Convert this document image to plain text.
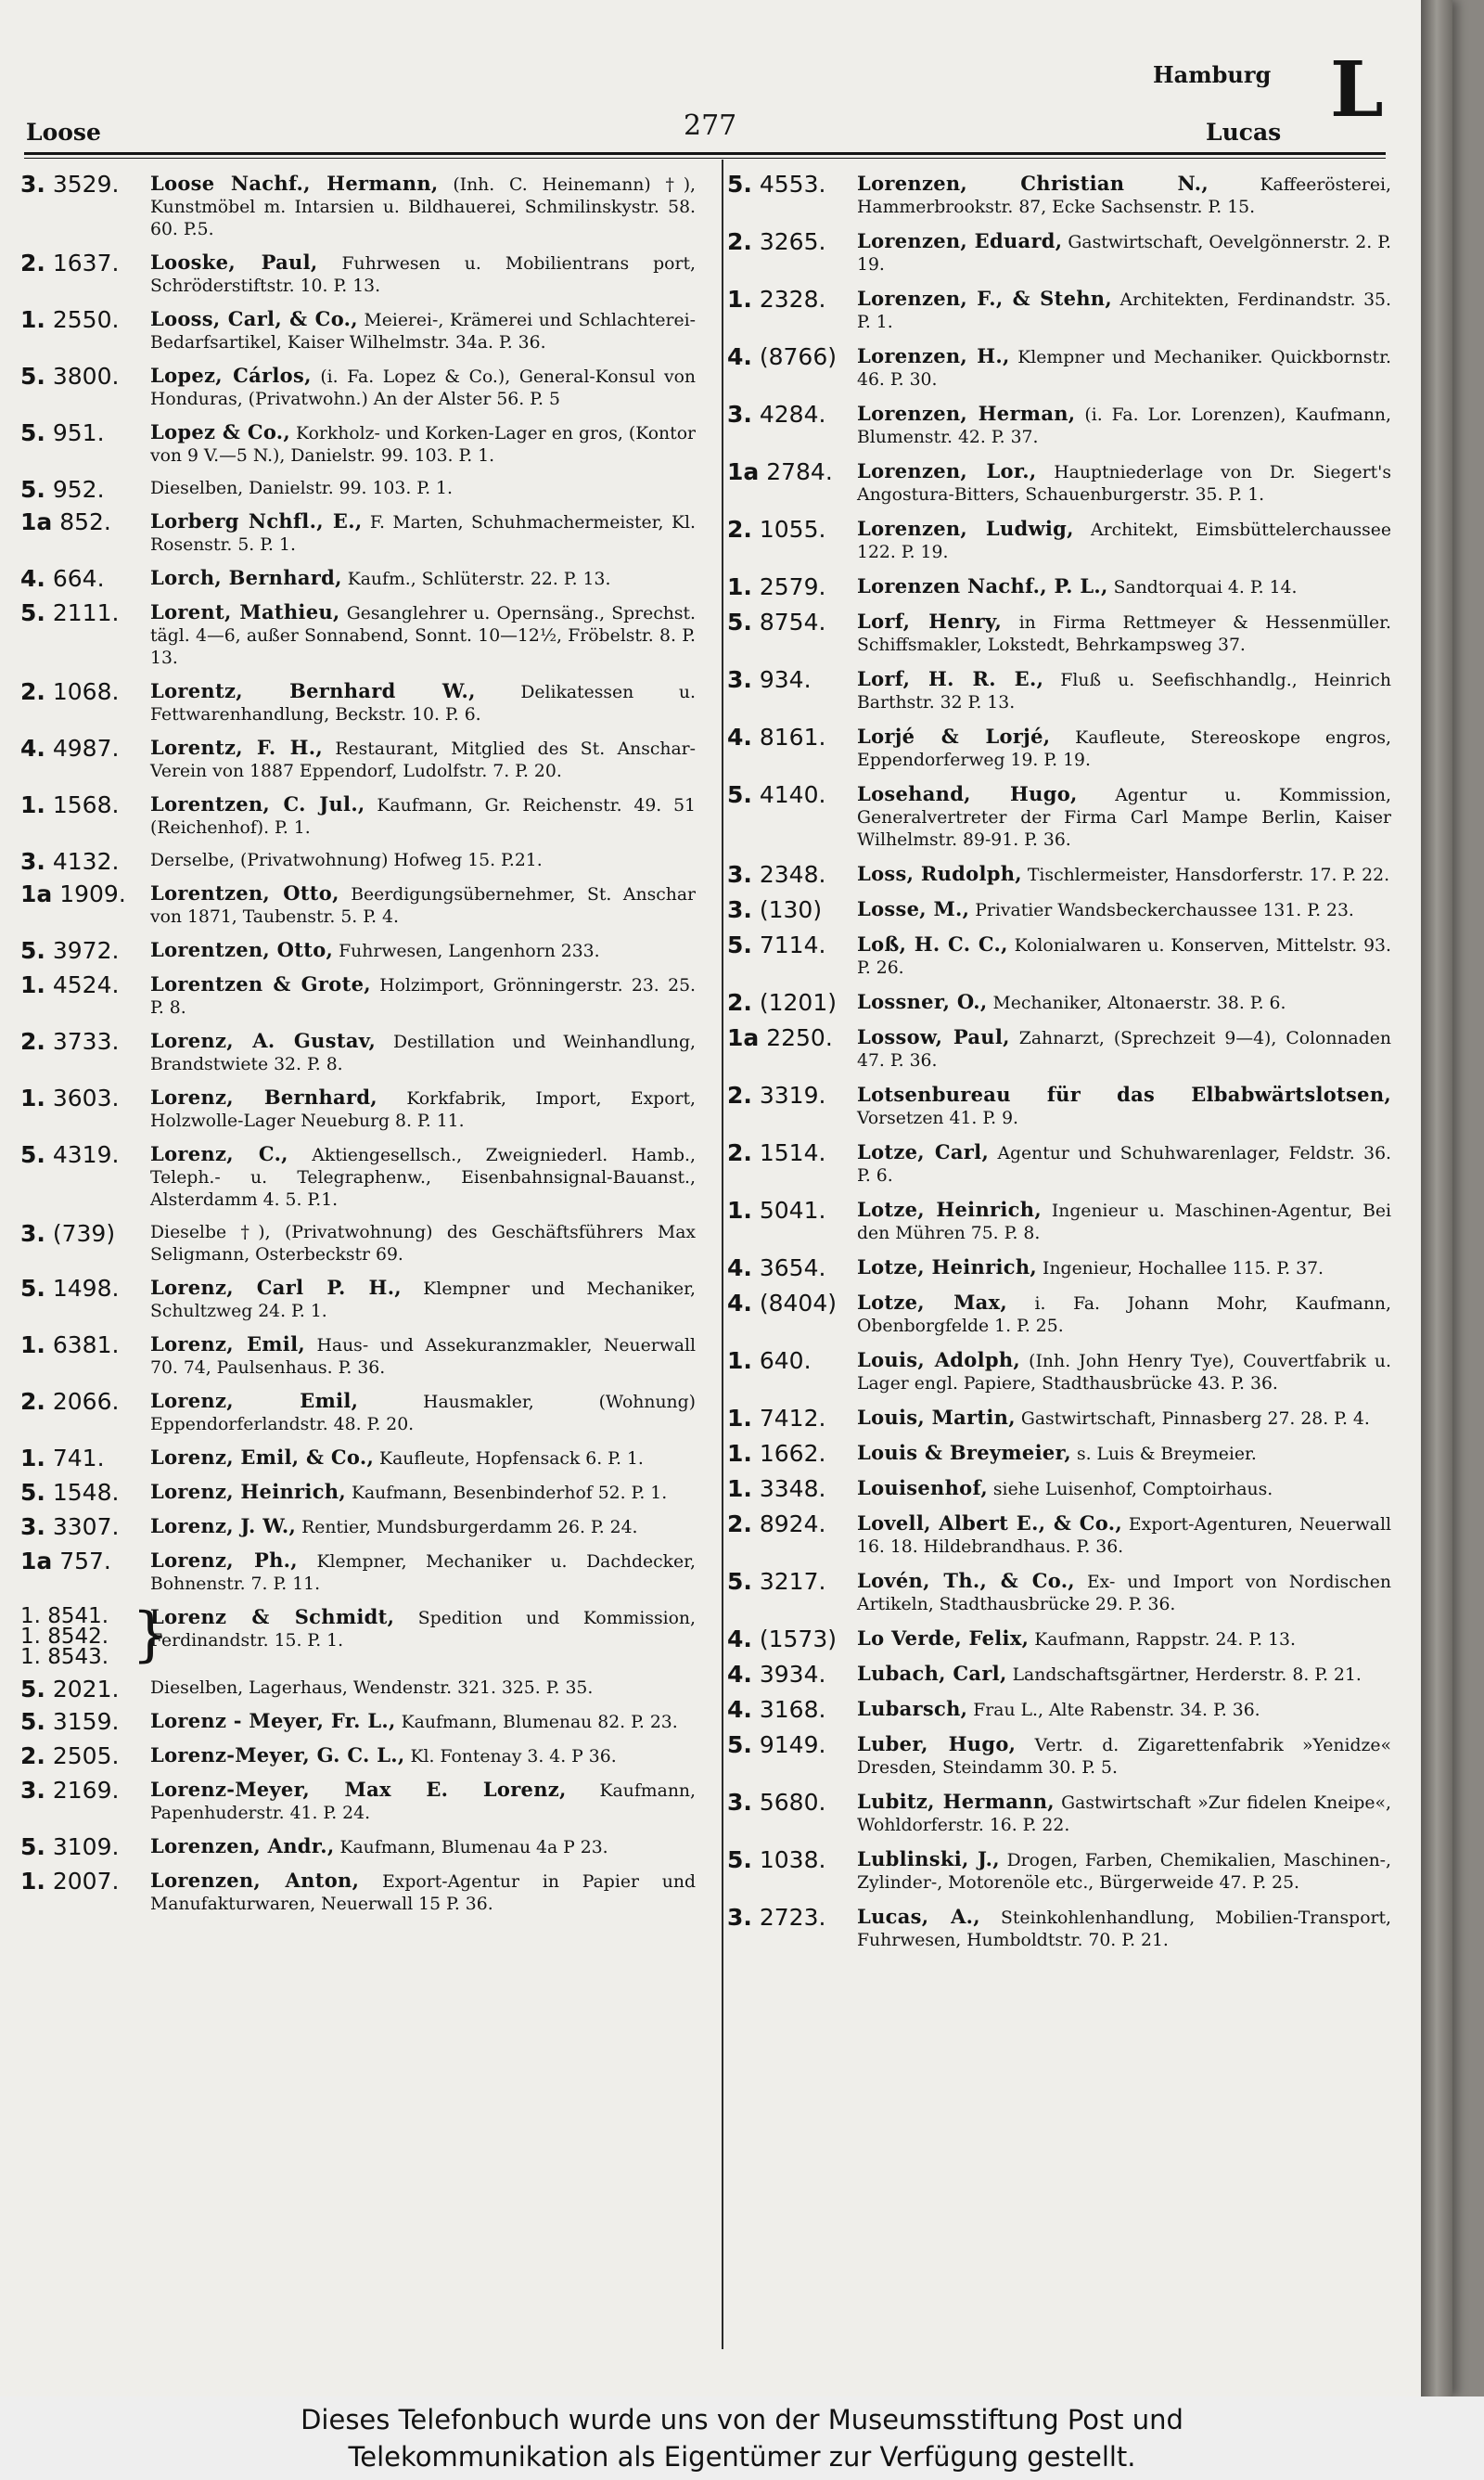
Loose	277
Hamburg
Lucas L
3. 3529. Loose Nachf., Hermann, (Inh. C. Heinemann) †), Kunstmöbel m. Intarsien u. Bildhauerei, Schmilinskystr. 58. 60. P.5.
2. 1637. Looske, Paul, Fuhrwesen u. Mobilientrans port, Schröderstiftstr. 10. P. 13.
1. 2550. Looss, Carl, & Co., Meierei-, Krämerei und Schlachterei-Bedarfsartikel, Kaiser Wilhelmstr. 34a. P. 36.
5. 3800. Lopez, Cárlos, (i. Fa. Lopez & Co.), General-Konsul von Honduras, (Privatwohn.) An der Alster 56. P. 5
5. 951. Lopez & Co., Korkholz- und Korken-Lager en gros, (Kontor von 9 V.—5 N.), Danielstr. 99. 103. P. 1.
5. 952.	Dieselben, Danielstr. 99. 103. P. 1.
1a 852. Lorberg Nchfl., E., F. Marten, Schuhmachermeister, Kl. Rosenstr. 5. P. 1.
4. 664. Lorch, Bernhard, Kaufm., Schlüterstr. 22. P. 13.
5. 2111. Lorent, Mathieu, Gesanglehrer u. Opernsäng., Sprechst. tägl. 4—6, außer Sonnabend, Sonnt. 10—12½, Fröbelstr. 8. P. 13.
2. 1068. Lorentz, Bernhard W.,	Delikatessen u. Fettwarenhandlung, Beckstr. 10. P. 6.
4. 4987. Lorentz, F. H., Restaurant, Mitglied des St. Anschar-Verein von 1887 Eppendorf, Ludolfstr. 7. P. 20.
1. 1568. Lorentzen, C. Jul., Kaufmann, Gr. Reichenstr. 49. 51 (Reichenhof). P. 1.
3. 4132. Derselbe, (Privatwohnung) Hofweg 15. P.21.
1a 1909. Lorentzen, Otto, Beerdigungsübernehmer, St. Anschar von 1871, Taubenstr. 5. P. 4.
5. 3972. Lorentzen, Otto, Fuhrwesen, Langenhorn 233.
1. 4524. Lorentzen & Grote, Holzimport, Grönningerstr. 23. 25. P. 8.
2. 3733. Lorenz, A. Gustav, Destillation und Weinhandlung, Brandstwiete 32. P. 8.
1. 3603. Lorenz, Bernhard, Korkfabrik, Import, Export, Holzwolle-Lager Neueburg 8. P. 11.
5. 4319. Lorenz, C., Aktiengesellsch., Zweigniederl. Hamb., Teleph.- u. Telegraphenw., Eisenbahnsignal-Bauanst., Alsterdamm 4. 5. P.1.
3. (739) Dieselbe †), (Privatwohnung) des Geschäftsführers Max Seligmann, Osterbeckstr 69.
5. 1498. Lorenz, Carl P. H., Klempner und Mechaniker, Schultzweg 24. P. 1.
1. 6381. Lorenz, Emil, Haus- und Assekuranzmakler, Neuerwall 70. 74, Paulsenhaus. P. 36.
2. 2066. Lorenz, Emil,	Hausmakler, (Wohnung) Eppendorferlandstr. 48. P. 20.
1. 741. Lorenz, Emil, & Co., Kaufleute, Hopfensack 6. P. 1.
5. 1548. Lorenz, Heinrich, Kaufmann, Besenbinderhof 52. P. 1.
3. 3307. Lorenz, J. W., Rentier, Mundsburgerdamm 26. P. 24.
1a 757. Lorenz, Ph., Klempner, Mechaniker u. Dachdecker, Bohnenstr. 7. P. 11.
1. 8541.
1. 8542.
1. 8543. }
Lorenz & Schmidt, Spedition und Kommission, Ferdinandstr. 15. P. 1.
5. 2021. Dieselben, Lagerhaus, Wendenstr. 321. 325. P. 35.
5. 3159. Lorenz - Meyer, Fr. L., Kaufmann, Blumenau 82. P. 23.
2. 2505. Lorenz-Meyer, G. C. L., Kl. Fontenay 3. 4. P 36.
3. 2169. Lorenz-Meyer, Max E. Lorenz, Kaufmann, Papenhuderstr. 41. P. 24.
5. 3109. Lorenzen, Andr., Kaufmann, Blumenau 4a P 23.
1. 2007. Lorenzen, Anton, Export-Agentur in Papier und Manufakturwaren, Neuerwall 15 P. 36.
5. 4553. Lorenzen, Christian N.,	Kaffeerösterei, Hammerbrookstr. 87, Ecke Sachsenstr. P. 15.
2. 3265. Lorenzen, Eduard, Gastwirtschaft, Oevelgönnerstr. 2. P. 19.
1. 2328. Lorenzen, F., & Stehn, Architekten, Ferdinandstr. 35. P. 1.
4. (8766) Lorenzen, H., Klempner und Mechaniker. Quickbornstr. 46. P. 30.
3. 4284. Lorenzen, Herman, (i. Fa. Lor. Lorenzen), Kaufmann, Blumenstr. 42. P. 37.
1a 2784. Lorenzen, Lor., Hauptniederlage von Dr. Siegert's Angostura-Bitters, Schauenburgerstr. 35. P. 1.
2. 1055. Lorenzen, Ludwig, Architekt, Eimsbüttelerchaussee 122. P. 19.
1. 2579. Lorenzen Nachf., P. L., Sandtorquai 4. P. 14.
5. 8754. Lorf, Henry, in Firma Rettmeyer & Hessenmüller. Schiffsmakler, Lokstedt, Behrkampsweg 37.
3. 934. Lorf, H. R. E., Fluß u. Seefischhandlg., Heinrich Barthstr. 32 P. 13.
4. 8161. Lorjé & Lorjé, Kaufleute, Stereoskope engros, Eppendorferweg 19. P. 19.
5. 4140. Losehand, Hugo, Agentur u. Kommission, Generalvertreter der Firma Carl Mampe Berlin, Kaiser Wilhelmstr. 89-91. P. 36.
3. 2348. Loss, Rudolph, Tischlermeister, Hansdorferstr. 17. P. 22.
3. (130) Losse, M., Privatier Wandsbeckerchaussee 131. P. 23.
5. 7114. Loß, H. C. C., Kolonialwaren u. Konserven, Mittelstr. 93. P. 26.
2. (1201) Lossner, O., Mechaniker, Altonaerstr. 38. P. 6.
1a 2250. Lossow, Paul, Zahnarzt, (Sprechzeit 9—4), Colonnaden 47. P. 36.
2. 3319. Lotsenbureau für das Elbabwärtslotsen, Vorsetzen 41. P. 9.
2. 1514. Lotze, Carl, Agentur und Schuhwarenlager, Feldstr. 36. P. 6.
1. 5041. Lotze, Heinrich, Ingenieur u. Maschinen-Agentur, Bei den Mühren 75. P. 8.
4. 3654. Lotze, Heinrich, Ingenieur, Hochallee 115. P. 37.
4. (8404) Lotze, Max, i. Fa. Johann Mohr, Kaufmann, Obenborgfelde 1. P. 25.
1. 640. Louis, Adolph, (Inh. John Henry Tye), Couvertfabrik u. Lager engl. Papiere, Stadthausbrücke 43. P. 36.
1. 7412. Louis, Martin, Gastwirtschaft, Pinnasberg 27. 28. P. 4.
1. 1662. Louis & Breymeier, s. Luis & Breymeier.
1. 3348. Louisenhof, siehe Luisenhof, Comptoirhaus.
2. 8924. Lovell, Albert E., & Co., Export-Agenturen, Neuerwall 16. 18. Hildebrandhaus. P. 36.
5. 3217. Lovén, Th., & Co., Ex- und Import von Nordischen Artikeln, Stadthausbrücke 29. P. 36.
4. (1573) Lo Verde, Felix, Kaufmann, Rappstr. 24. P. 13.
4. 3934. Lubach, Carl, Landschaftsgärtner, Herderstr. 8. P. 21.
4. 3168. Lubarsch, Frau L., Alte Rabenstr. 34. P. 36.
5. 9149. Luber, Hugo, Vertr. d. Zigarettenfabrik »Yenidze« Dresden, Steindamm 30. P. 5.
3. 5680. Lubitz, Hermann, Gastwirtschaft »Zur fidelen Kneipe«, Wohldorferstr. 16. P. 22.
5. 1038. Lublinski, J., Drogen, Farben, Chemikalien, Maschinen-, Zylinder-, Motorenöle etc., Bürgerweide 47. P. 25.
3. 2723. Lucas, A., Steinkohlenhandlung, Mobilien-Transport, Fuhrwesen, Humboldtstr. 70. P. 21.
Dieses Telefonbuch wurde uns von der Museumsstiftung Post und
Telekommunikation als Eigentümer zur Verfügung gestellt.
